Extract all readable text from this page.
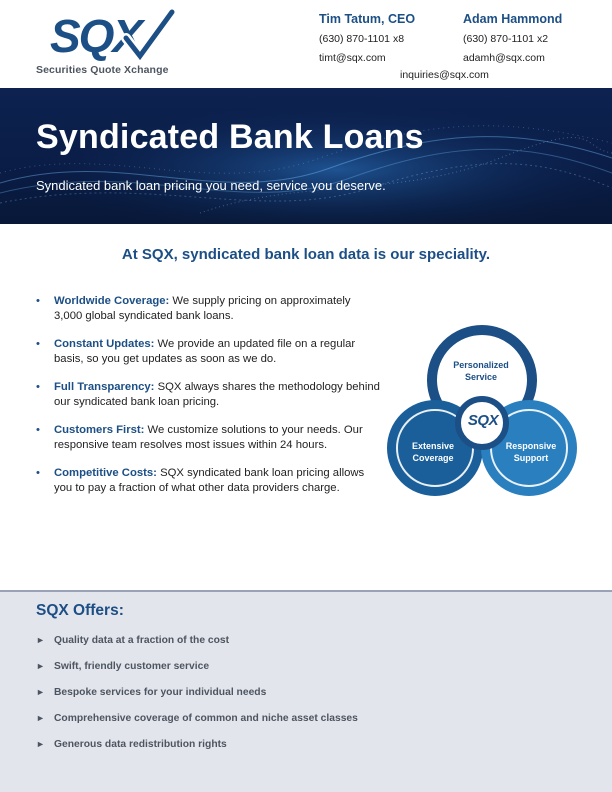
SQX
Securities Quote Xchange
Tim Tatum, CEO
(630) 870-1101 x8
timt@sqx.com
Adam Hammond
(630) 870-1101 x2
adamh@sqx.com
inquiries@sqx.com
Syndicated Bank Loans
Syndicated bank loan pricing you need, service you deserve.
At SQX, syndicated bank loan data is our speciality.
• Worldwide Coverage: We supply pricing on approximately 3,000 global syndicated bank loans.
• Constant Updates: We provide an updated file on a regular basis, so you get updates as soon as we do.
• Full Transparency: SQX always shares the methodology behind our syndicated bank loan pricing.
• Customers First: We customize solutions to your needs. Our responsive team resolves most issues within 24 hours.
• Competitive Costs: SQX syndicated bank loan pricing allows you to pay a fraction of what other data providers charge.
Personalized Service
Extensive Coverage
Responsive Support
SQX
SQX Offers:
► Quality data at a fraction of the cost
► Swift, friendly customer service
► Bespoke services for your individual needs
► Comprehensive coverage of common and niche asset classes
► Generous data redistribution rights
